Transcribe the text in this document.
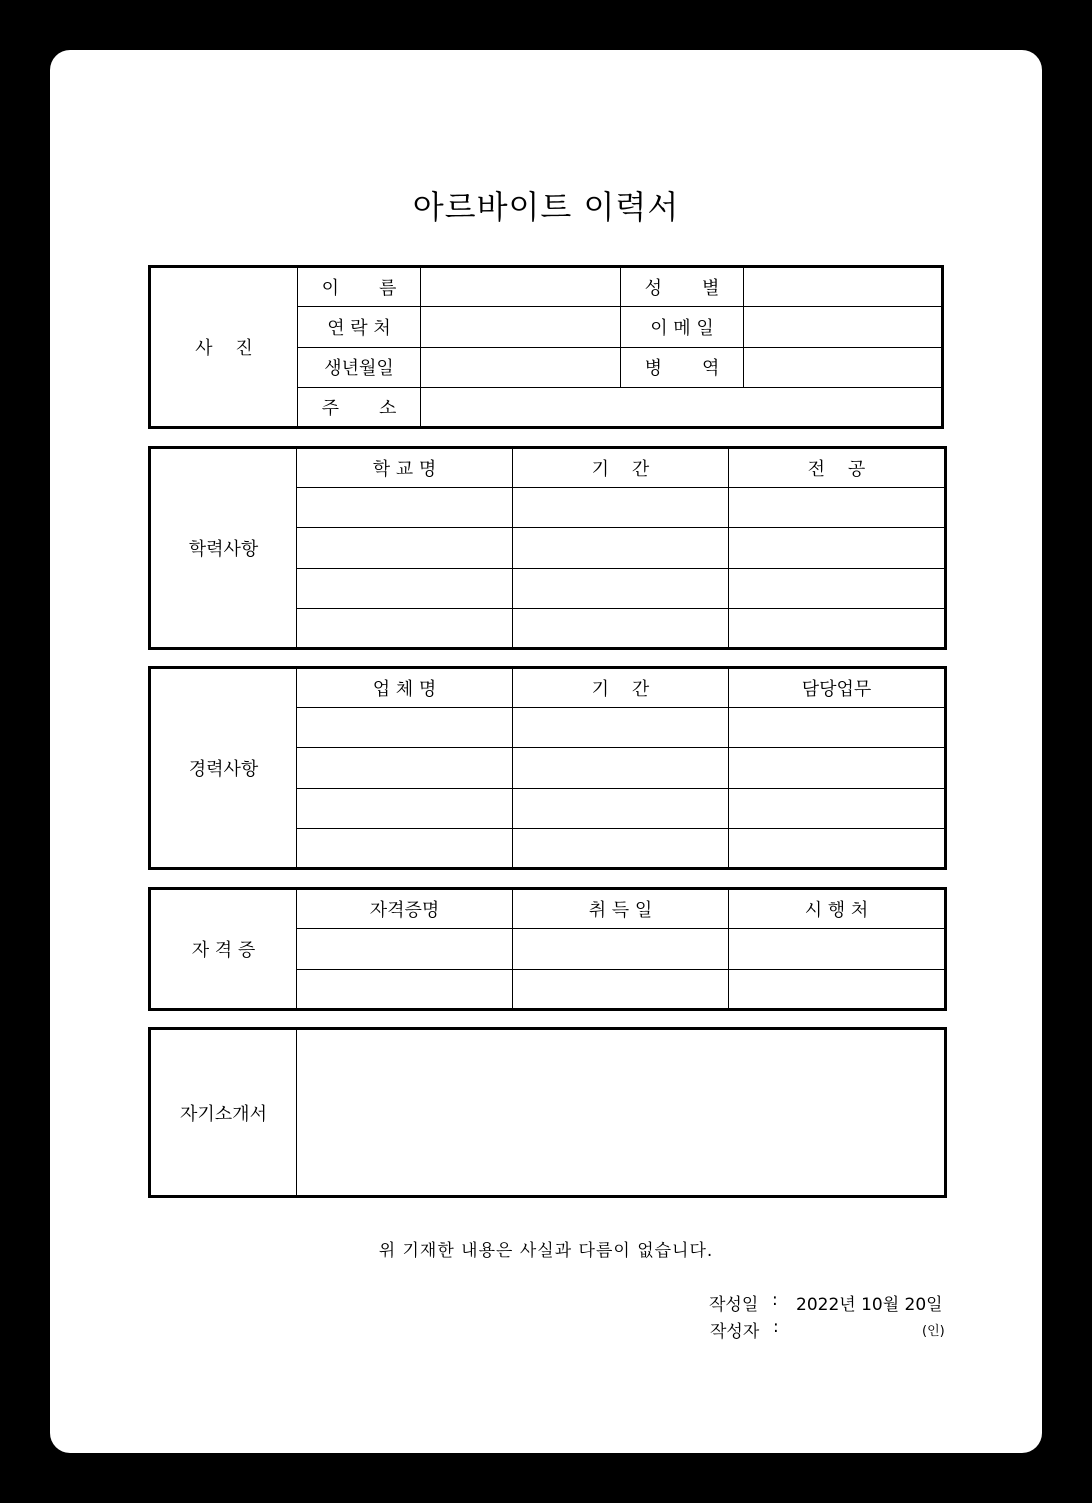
아르바이트 이력서
사    진	이       름		성       별	
	연 락 처		이 메 일	
	생년월일		병       역	
	주       소			
학력사항	학 교 명	기    간	전    공

경력사항	업 체 명	기    간	담당업무

자 격 증	자격증명	취 득 일	시 행 처

자기소개서	
위 기재한 내용은 사실과 다름이 없습니다.
작성일 : 2022년 10월 20일
작성자 :	(인)
